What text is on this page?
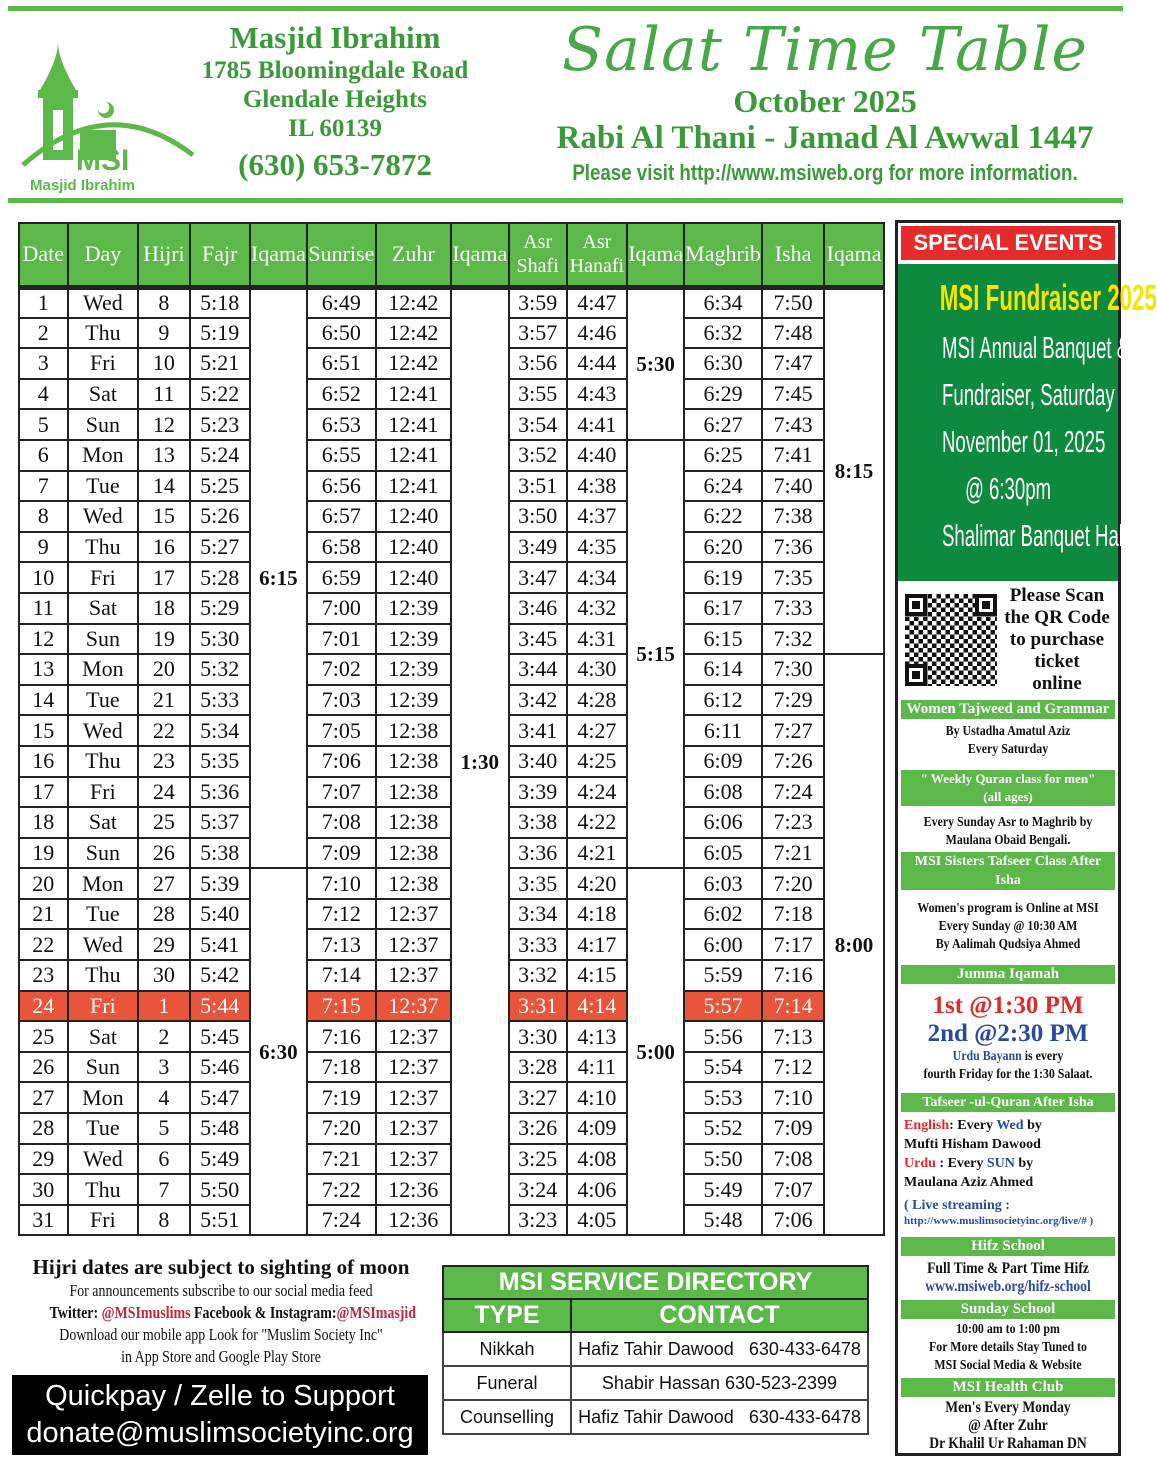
MSI
Masjid Ibrahim
Masjid Ibrahim
1785 Bloomingdale Road
Glendale Heights
IL 60139
(630) 653-7872
Salat Time Table
October 2025
Rabi Al Thani - Jamad Al Awwal 1447
Please visit http://www.msiweb.org for more information.
Date	Day	Hijri	Fajr	Iqama	Sunrise	Zuhr	Iqama	Asr Shafi	Asr Hanafi	Iqama	Maghrib	Isha	Iqama
1	Wed	8	5:18	6:15	6:49	12:42	1:30	3:59	4:47	5:30	6:34	7:50	8:15
2	Thu	9	5:19		6:50	12:42		3:57	4:46		6:32	7:48	
3	Fri	10	5:21		6:51	12:42		3:56	4:44		6:30	7:47	
4	Sat	11	5:22		6:52	12:41		3:55	4:43		6:29	7:45	
5	Sun	12	5:23		6:53	12:41		3:54	4:41		6:27	7:43	
6	Mon	13	5:24		6:55	12:41		3:52	4:40	5:15	6:25	7:41	
7	Tue	14	5:25		6:56	12:41		3:51	4:38		6:24	7:40	
8	Wed	15	5:26		6:57	12:40		3:50	4:37		6:22	7:38	
9	Thu	16	5:27		6:58	12:40		3:49	4:35		6:20	7:36	
10	Fri	17	5:28		6:59	12:40		3:47	4:34		6:19	7:35	
11	Sat	18	5:29		7:00	12:39		3:46	4:32		6:17	7:33	
12	Sun	19	5:30		7:01	12:39		3:45	4:31		6:15	7:32	
13	Mon	20	5:32		7:02	12:39		3:44	4:30		6:14	7:30	8:00
14	Tue	21	5:33		7:03	12:39		3:42	4:28		6:12	7:29	
15	Wed	22	5:34		7:05	12:38		3:41	4:27		6:11	7:27	
16	Thu	23	5:35		7:06	12:38		3:40	4:25		6:09	7:26	
17	Fri	24	5:36		7:07	12:38		3:39	4:24		6:08	7:24	
18	Sat	25	5:37		7:08	12:38		3:38	4:22		6:06	7:23	
19	Sun	26	5:38		7:09	12:38		3:36	4:21		6:05	7:21	
20	Mon	27	5:39	6:30	7:10	12:38		3:35	4:20	5:00	6:03	7:20	
21	Tue	28	5:40		7:12	12:37		3:34	4:18		6:02	7:18	
22	Wed	29	5:41		7:13	12:37		3:33	4:17		6:00	7:17	
23	Thu	30	5:42		7:14	12:37		3:32	4:15		5:59	7:16	
24	Fri	1	5:44		7:15	12:37		3:31	4:14		5:57	7:14	
25	Sat	2	5:45		7:16	12:37		3:30	4:13		5:56	7:13	
26	Sun	3	5:46		7:18	12:37		3:28	4:11		5:54	7:12	
27	Mon	4	5:47		7:19	12:37		3:27	4:10		5:53	7:10	
28	Tue	5	5:48		7:20	12:37		3:26	4:09		5:52	7:09	
29	Wed	6	5:49		7:21	12:37		3:25	4:08		5:50	7:08	
30	Thu	7	5:50		7:22	12:36		3:24	4:06		5:49	7:07	
31	Fri	8	5:51		7:24	12:36		3:23	4:05		5:48	7:06	
SPECIAL EVENTS
MSI Fundraiser 2025
MSI Annual Banquet &
Fundraiser, Saturday
November 01, 2025
@ 6:30pm
Shalimar Banquet Hall
Please Scan
the QR Code
to purchase
ticket
online
Women Tajweed and Grammar
By Ustadha Amatul Aziz
Every Saturday
" Weekly Quran class for men"
(all ages)
Every Sunday Asr to Maghrib by
Maulana Obaid Bengali.
MSI Sisters Tafseer Class After Isha
Women's program is Online at MSI
Every Sunday @ 10:30 AM
By Aalimah Qudsiya Ahmed
Jumma Iqamah
1st @1:30 PM
2nd @2:30 PM
Urdu Bayann is every
fourth Friday for the 1:30 Salaat.
Tafseer -ul-Quran After Isha
English: Every Wed by
Mufti Hisham Dawood
Urdu : Every SUN by
Maulana Aziz Ahmed
( Live streaming :
http://www.muslimsocietyinc.org/live/# )
Hifz School
Full Time & Part Time Hifz
www.msiweb.org/hifz-school
Sunday School
10:00 am to 1:00 pm
For More details Stay Tuned to
MSI Social Media & Website
MSI Health Club
Men's Every Monday
@ After Zuhr
Dr Khalil Ur Rahaman DN
Hijri dates are subject to sighting of moon
For announcements subscribe to our social media feed
Twitter: @MSImuslims Facebook & Instagram:@MSImasjid
Download our mobile app Look for "Muslim Society Inc"
in App Store and Google Play Store
Quickpay / Zelle to Support
donate@muslimsocietyinc.org
MSI SERVICE DIRECTORY	
TYPE	CONTACT
Nikkah	Hafiz Tahir Dawood   630-433-6478
Funeral	Shabir Hassan 630-523-2399
Counselling	Hafiz Tahir Dawood   630-433-6478
